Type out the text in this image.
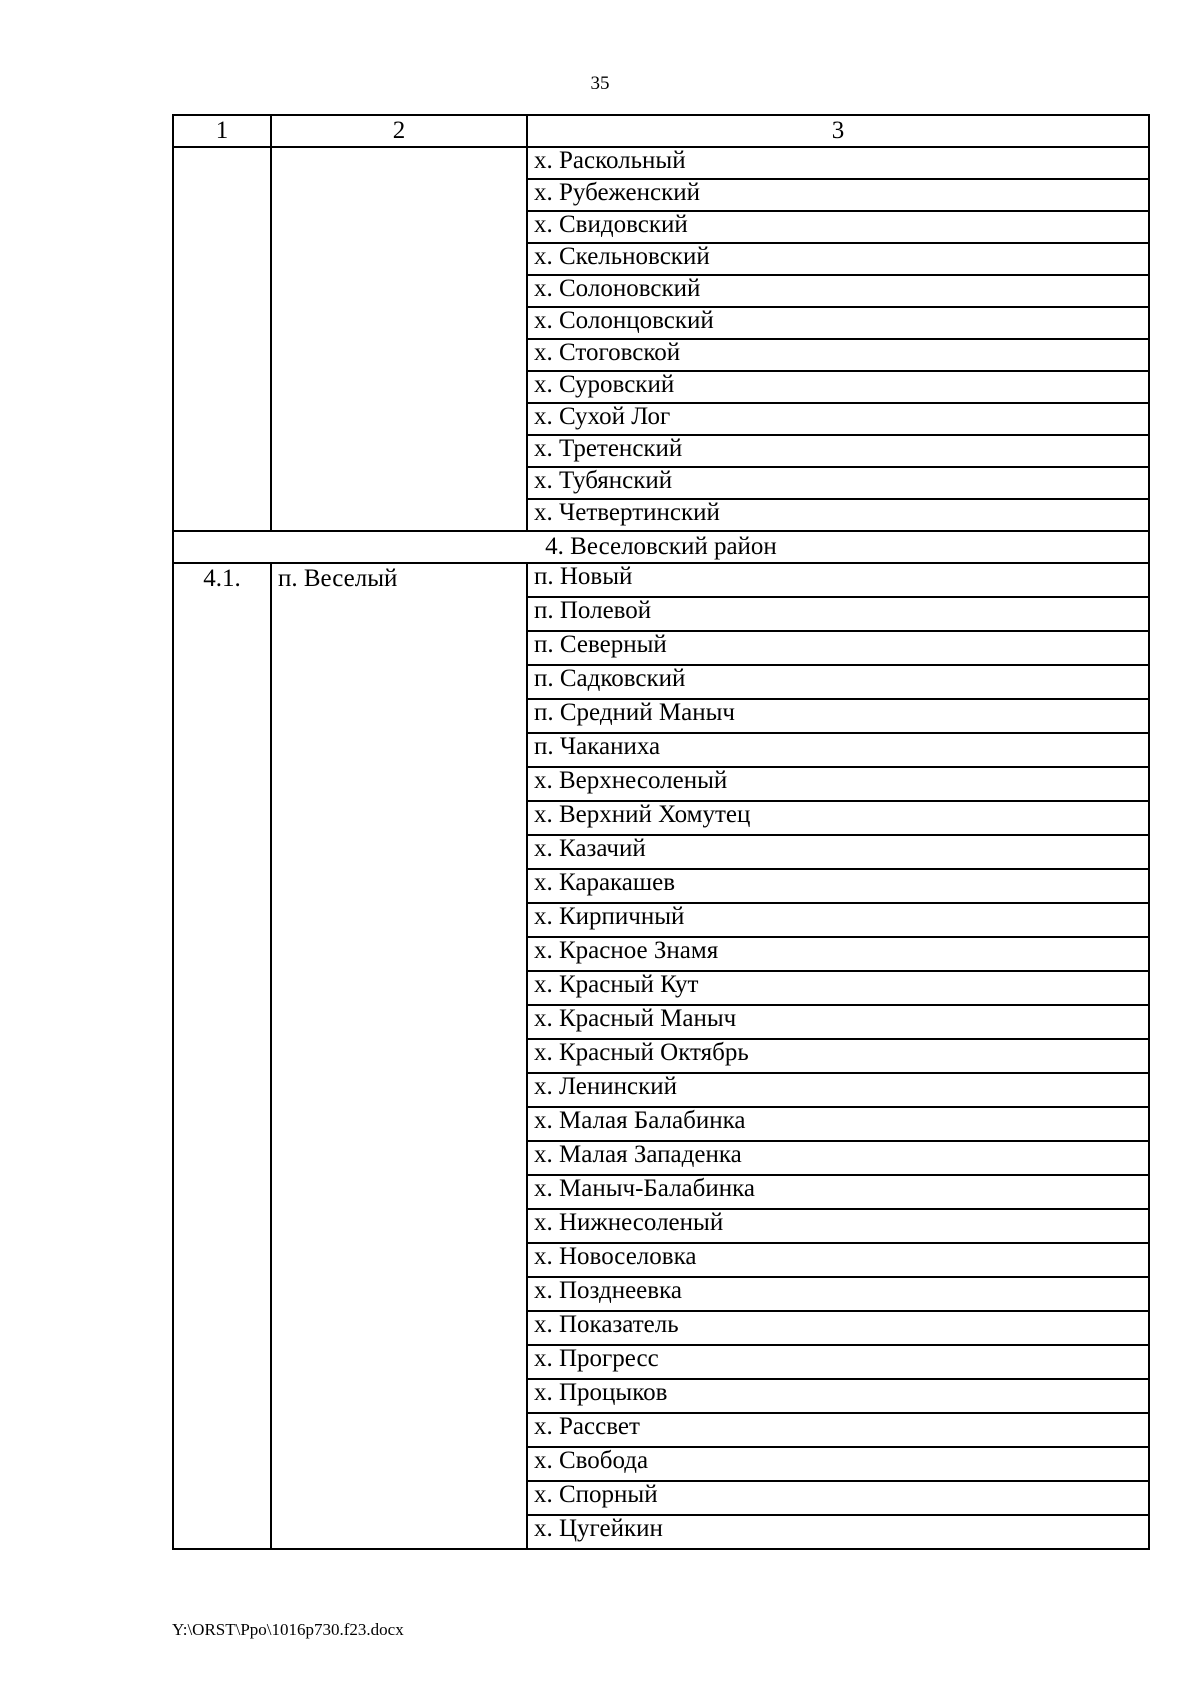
35
1	2	3
		х. Раскольный
		х. Рубеженский
		х. Свидовский
		х. Скельновский
		х. Солоновский
		х. Солонцовский
		х. Стоговской
		х. Суровский
		х. Сухой Лог
		х. Третенский
		х. Тубянский
		х. Четвертинский
4. Веселовский район		
4.1.	п. Веселый	п. Новый
		п. Полевой
		п. Северный
		п. Садковский
		п. Средний Маныч
		п. Чаканиха
		х. Верхнесоленый
		х. Верхний Хомутец
		х. Казачий
		х. Каракашев
		х. Кирпичный
		х. Красное Знамя
		х. Красный Кут
		х. Красный Маныч
		х. Красный Октябрь
		х. Ленинский
		х. Малая Балабинка
		х. Малая Западенка
		х. Маныч-Балабинка
		х. Нижнесоленый
		х. Новоселовка
		х. Позднеевка
		х. Показатель
		х. Прогресс
		х. Процыков
		х. Рассвет
		х. Свобода
		х. Спорный
		х. Цугейкин
Y:\ORST\Ppo\1016p730.f23.docx
